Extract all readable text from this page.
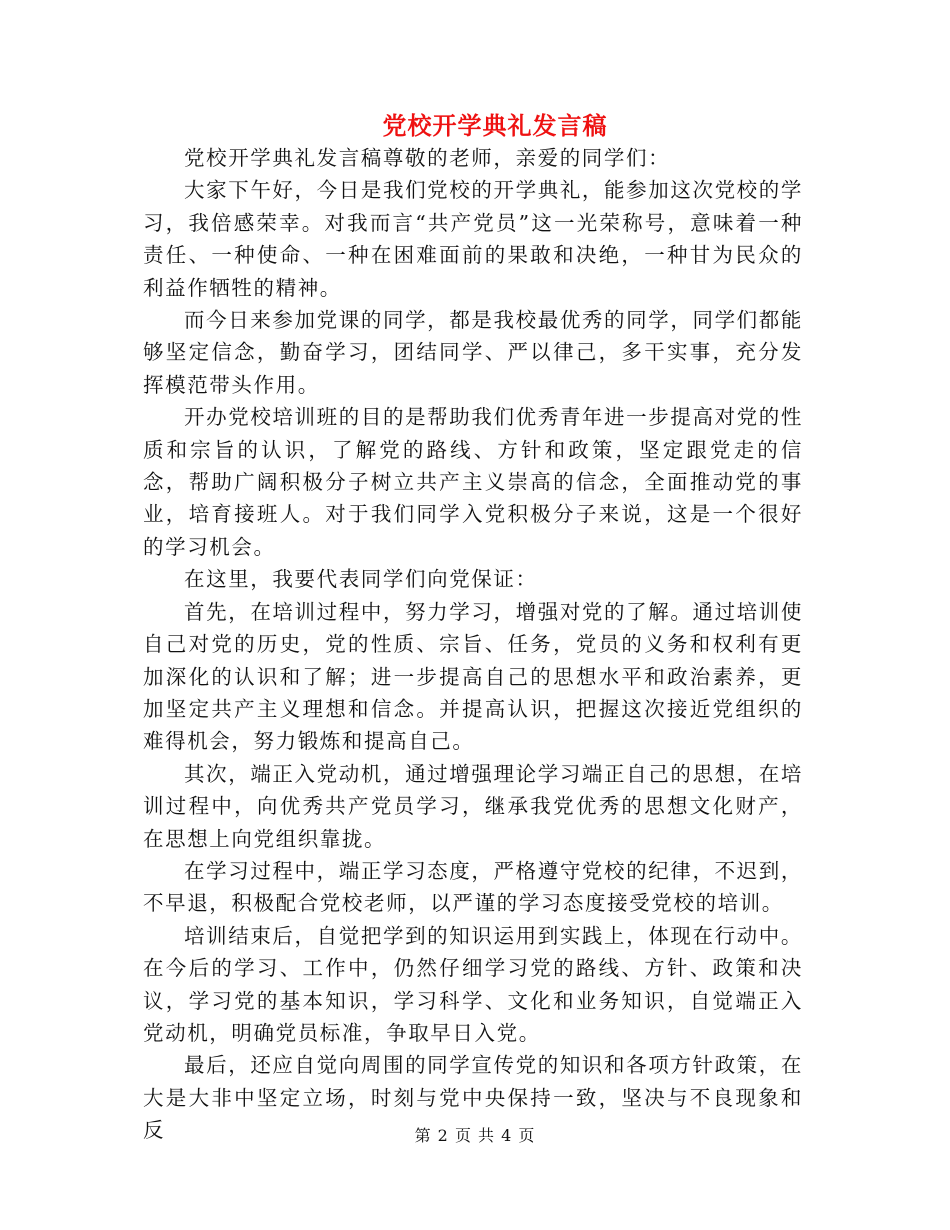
党校开学典礼发言稿

党校开学典礼发言稿尊敬的老师，亲爱的同学们：

大家下午好，今日是我们党校的开学典礼，能参加这次党校的学习，我倍感荣幸。对我而言“共产党员”这一光荣称号，意味着一种责任、一种使命、一种在困难面前的果敢和决绝，一种甘为民众的利益作牺牲的精神。

而今日来参加党课的同学，都是我校最优秀的同学，同学们都能够坚定信念，勤奋学习，团结同学、严以律己，多干实事，充分发挥模范带头作用。

开办党校培训班的目的是帮助我们优秀青年进一步提高对党的性质和宗旨的认识，了解党的路线、方针和政策，坚定跟党走的信念，帮助广阔积极分子树立共产主义崇高的信念，全面推动党的事业，培育接班人。对于我们同学入党积极分子来说，这是一个很好的学习机会。

在这里，我要代表同学们向党保证：

首先，在培训过程中，努力学习，增强对党的了解。通过培训使自己对党的历史，党的性质、宗旨、任务，党员的义务和权利有更加深化的认识和了解；进一步提高自己的思想水平和政治素养，更加坚定共产主义理想和信念。并提高认识，把握这次接近党组织的难得机会，努力锻炼和提高自己。

其次，端正入党动机，通过增强理论学习端正自己的思想，在培训过程中，向优秀共产党员学习，继承我党优秀的思想文化财产，在思想上向党组织靠拢。

在学习过程中，端正学习态度，严格遵守党校的纪律，不迟到，不早退，积极配合党校老师，以严谨的学习态度接受党校的培训。

培训结束后，自觉把学到的知识运用到实践上，体现在行动中。在今后的学习、工作中，仍然仔细学习党的路线、方针、政策和决议，学习党的基本知识，学习科学、文化和业务知识，自觉端正入党动机，明确党员标准，争取早日入党。

最后，还应自觉向周围的同学宣传党的知识和各项方针政策，在大是大非中坚定立场，时刻与党中央保持一致，坚决与不良现象和反	第 2 页 共 4 页
